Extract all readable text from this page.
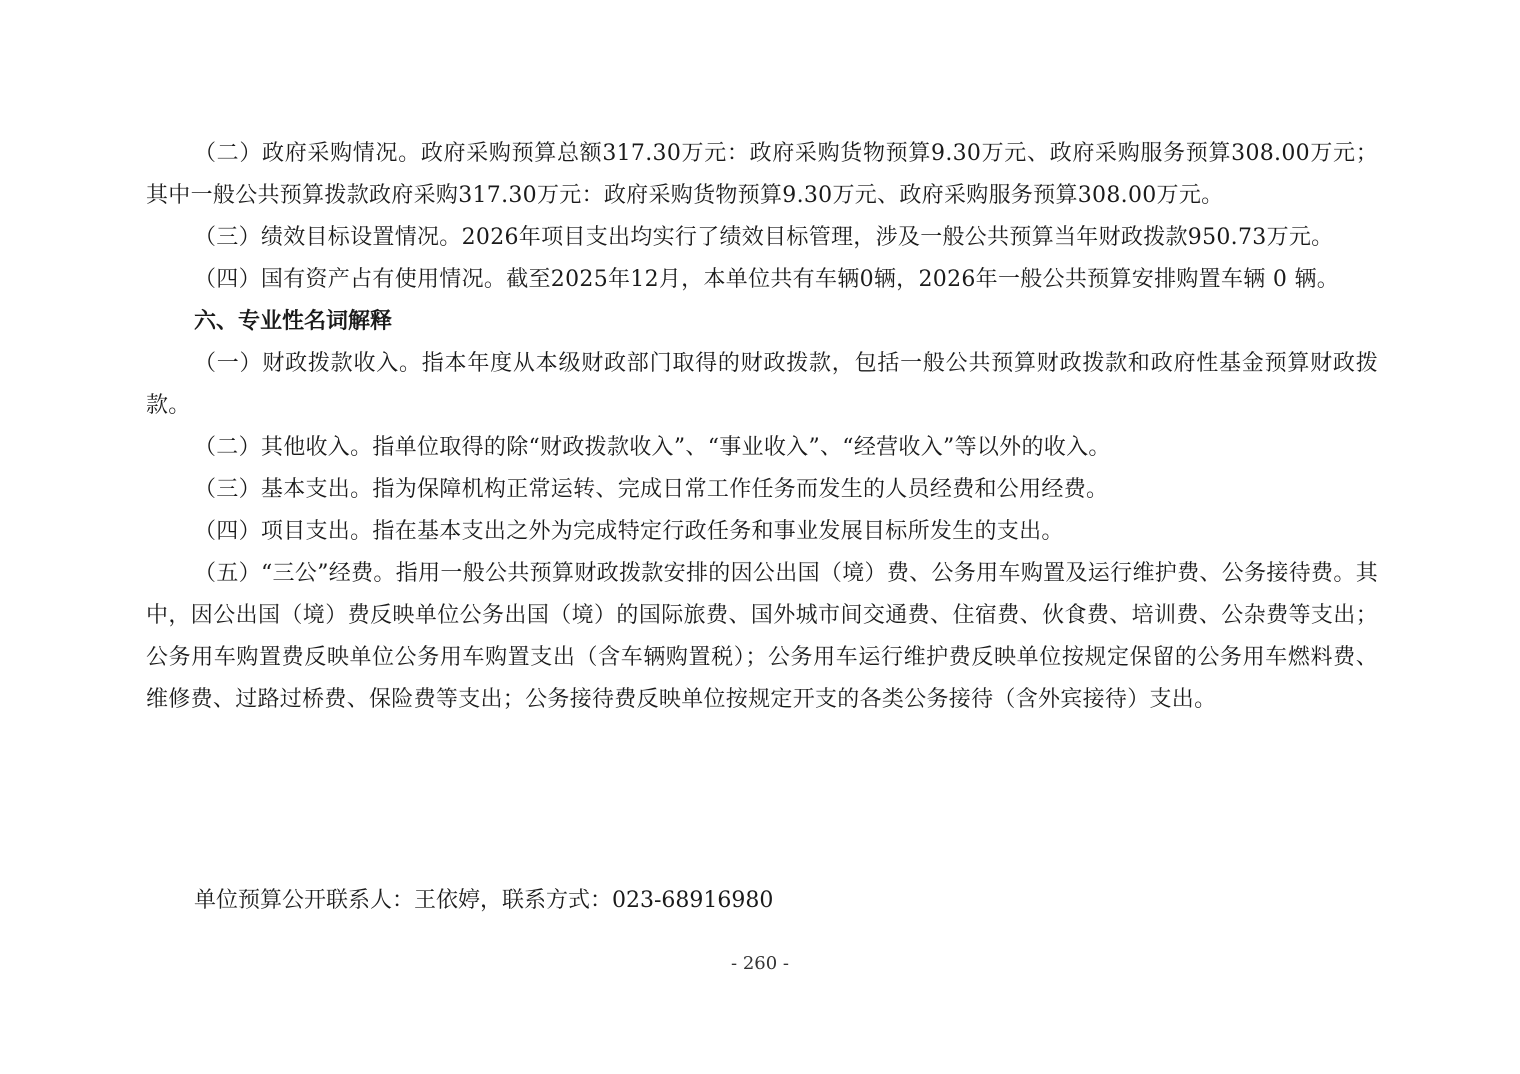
（二）政府采购情况。政府采购预算总额317.30万元：政府采购货物预算9.30万元、政府采购服务预算308.00万元；其中一般公共预算拨款政府采购317.30万元：政府采购货物预算9.30万元、政府采购服务预算308.00万元。

（三）绩效目标设置情况。2026年项目支出均实行了绩效目标管理，涉及一般公共预算当年财政拨款950.73万元。

（四）国有资产占有使用情况。截至2025年12月，本单位共有车辆0辆，2026年一般公共预算安排购置车辆 0 辆。

六、专业性名词解释

（一）财政拨款收入。指本年度从本级财政部门取得的财政拨款，包括一般公共预算财政拨款和政府性基金预算财政拨款。

（二）其他收入。指单位取得的除“财政拨款收入”、“事业收入”、“经营收入”等以外的收入。

（三）基本支出。指为保障机构正常运转、完成日常工作任务而发生的人员经费和公用经费。

（四）项目支出。指在基本支出之外为完成特定行政任务和事业发展目标所发生的支出。

（五）“三公”经费。指用一般公共预算财政拨款安排的因公出国（境）费、公务用车购置及运行维护费、公务接待费。其中，因公出国（境）费反映单位公务出国（境）的国际旅费、国外城市间交通费、住宿费、伙食费、培训费、公杂费等支出；公务用车购置费反映单位公务用车购置支出（含车辆购置税）；公务用车运行维护费反映单位按规定保留的公务用车燃料费、维修费、过路过桥费、保险费等支出；公务接待费反映单位按规定开支的各类公务接待（含外宾接待）支出。

单位预算公开联系人：王依婷，联系方式：023-68916980

- 260 -
